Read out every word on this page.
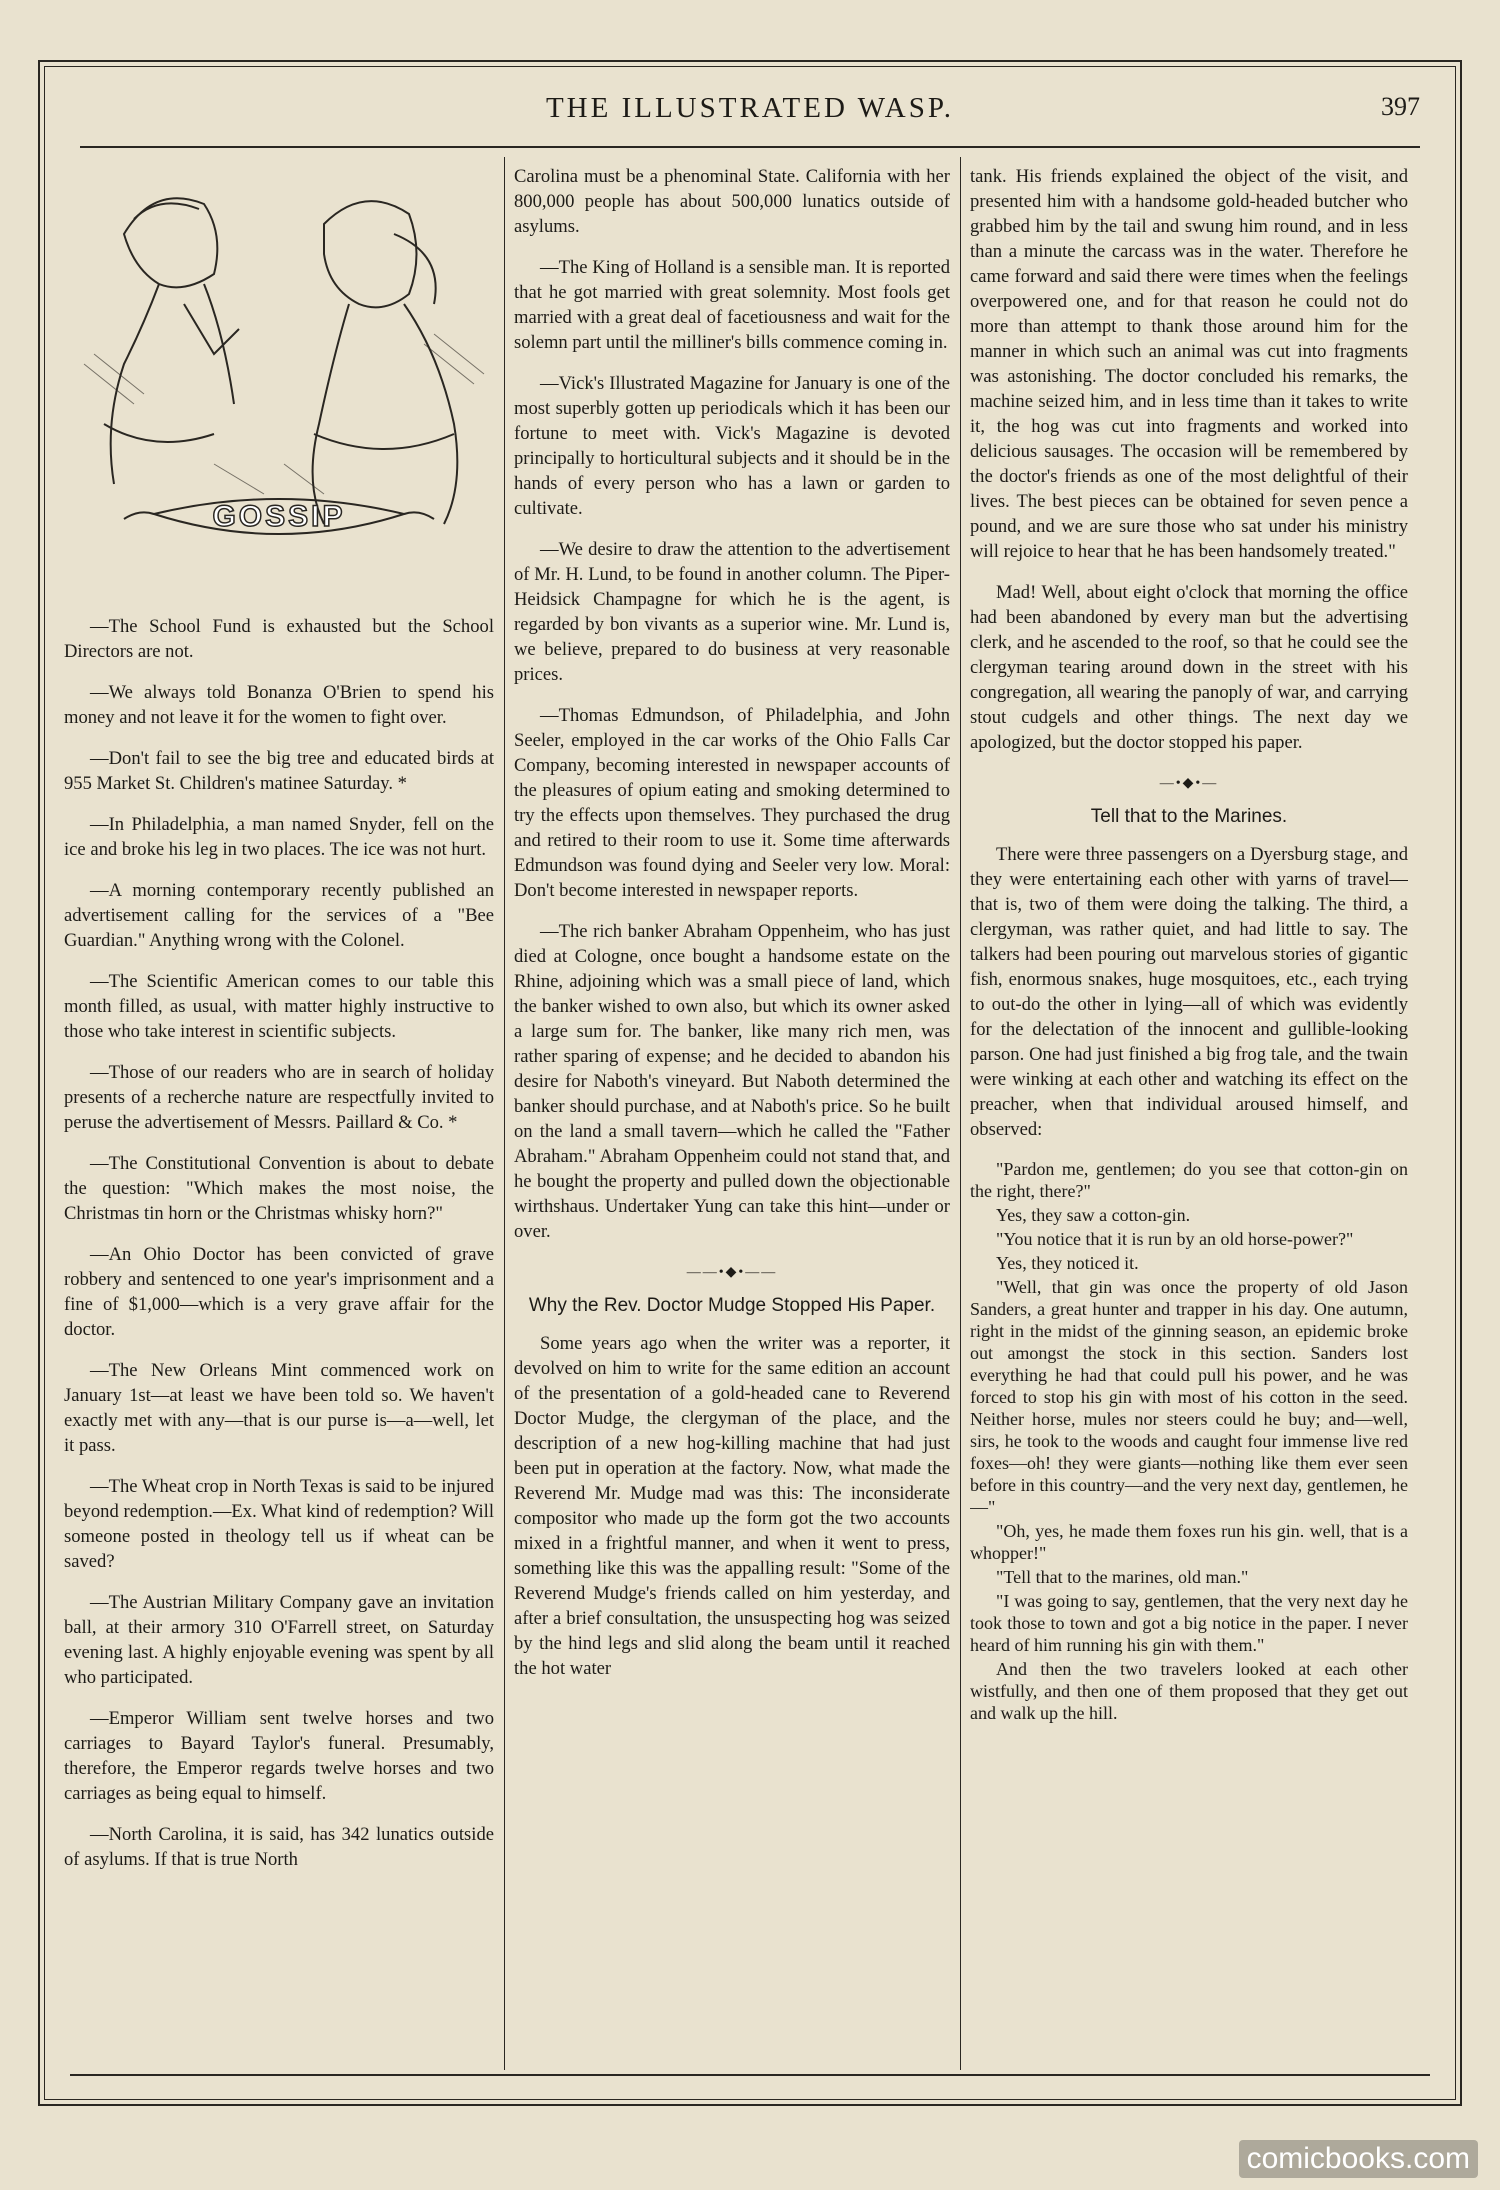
THE ILLUSTRATED WASP.	397
GOSSIP

—The School Fund is exhausted but the School Directors are not.

—We always told Bonanza O'Brien to spend his money and not leave it for the women to fight over.

—Don't fail to see the big tree and educated birds at 955 Market St. Children's matinee Saturday. *

—In Philadelphia, a man named Snyder, fell on the ice and broke his leg in two places. The ice was not hurt.

—A morning contemporary recently published an advertisement calling for the services of a "Bee Guardian." Anything wrong with the Colonel.

—The Scientific American comes to our table this month filled, as usual, with matter highly instructive to those who take interest in scientific subjects.

—Those of our readers who are in search of holiday presents of a recherche nature are respectfully invited to peruse the advertisement of Messrs. Paillard & Co. *

—The Constitutional Convention is about to debate the question: "Which makes the most noise, the Christmas tin horn or the Christmas whisky horn?"

—An Ohio Doctor has been convicted of grave robbery and sentenced to one year's imprisonment and a fine of $1,000—which is a very grave affair for the doctor.

—The New Orleans Mint commenced work on January 1st—at least we have been told so. We haven't exactly met with any—that is our purse is—a—well, let it pass.

—The Wheat crop in North Texas is said to be injured beyond redemption.—Ex. What kind of redemption? Will someone posted in theology tell us if wheat can be saved?

—The Austrian Military Company gave an invitation ball, at their armory 310 O'Farrell street, on Saturday evening last. A highly enjoyable evening was spent by all who participated.

—Emperor William sent twelve horses and two carriages to Bayard Taylor's funeral. Presumably, therefore, the Emperor regards twelve horses and two carriages as being equal to himself.

—North Carolina, it is said, has 342 lunatics outside of asylums. If that is true North

Carolina must be a phenominal State. California with her 800,000 people has about 500,000 lunatics outside of asylums.

—The King of Holland is a sensible man. It is reported that he got married with great solemnity. Most fools get married with a great deal of facetiousness and wait for the solemn part until the milliner's bills commence coming in.

—Vick's Illustrated Magazine for January is one of the most superbly gotten up periodicals which it has been our fortune to meet with. Vick's Magazine is devoted principally to horticultural subjects and it should be in the hands of every person who has a lawn or garden to cultivate.

—We desire to draw the attention to the advertisement of Mr. H. Lund, to be found in another column. The Piper-Heidsick Champagne for which he is the agent, is regarded by bon vivants as a superior wine. Mr. Lund is, we believe, prepared to do business at very reasonable prices.

—Thomas Edmundson, of Philadelphia, and John Seeler, employed in the car works of the Ohio Falls Car Company, becoming interested in newspaper accounts of the pleasures of opium eating and smoking determined to try the effects upon themselves. They purchased the drug and retired to their room to use it. Some time afterwards Edmundson was found dying and Seeler very low. Moral: Don't become interested in newspaper reports.

—The rich banker Abraham Oppenheim, who has just died at Cologne, once bought a handsome estate on the Rhine, adjoining which was a small piece of land, which the banker wished to own also, but which its owner asked a large sum for. The banker, like many rich men, was rather sparing of expense; and he decided to abandon his desire for Naboth's vineyard. But Naboth determined the banker should purchase, and at Naboth's price. So he built on the land a small tavern—which he called the "Father Abraham." Abraham Oppenheim could not stand that, and he bought the property and pulled down the objectionable wirthshaus. Undertaker Yung can take this hint—under or over.

——•◆•——
Why the Rev. Doctor Mudge Stopped His Paper.

Some years ago when the writer was a reporter, it devolved on him to write for the same edition an account of the presentation of a gold-headed cane to Reverend Doctor Mudge, the clergyman of the place, and the description of a new hog-killing machine that had just been put in operation at the factory. Now, what made the Reverend Mr. Mudge mad was this: The inconsiderate compositor who made up the form got the two accounts mixed in a frightful manner, and when it went to press, something like this was the appalling result: "Some of the Reverend Mudge's friends called on him yesterday, and after a brief consultation, the unsuspecting hog was seized by the hind legs and slid along the beam until it reached the hot water

tank. His friends explained the object of the visit, and presented him with a handsome gold-headed butcher who grabbed him by the tail and swung him round, and in less than a minute the carcass was in the water. Therefore he came forward and said there were times when the feelings overpowered one, and for that reason he could not do more than attempt to thank those around him for the manner in which such an animal was cut into fragments was astonishing. The doctor concluded his remarks, the machine seized him, and in less time than it takes to write it, the hog was cut into fragments and worked into delicious sausages. The occasion will be remembered by the doctor's friends as one of the most delightful of their lives. The best pieces can be obtained for seven pence a pound, and we are sure those who sat under his ministry will rejoice to hear that he has been handsomely treated."

Mad! Well, about eight o'clock that morning the office had been abandoned by every man but the advertising clerk, and he ascended to the roof, so that he could see the clergyman tearing around down in the street with his congregation, all wearing the panoply of war, and carrying stout cudgels and other things. The next day we apologized, but the doctor stopped his paper.

—•◆•—
Tell that to the Marines.

There were three passengers on a Dyersburg stage, and they were entertaining each other with yarns of travel—that is, two of them were doing the talking. The third, a clergyman, was rather quiet, and had little to say. The talkers had been pouring out marvelous stories of gigantic fish, enormous snakes, huge mosquitoes, etc., each trying to out-do the other in lying—all of which was evidently for the delectation of the innocent and gullible-looking parson. One had just finished a big frog tale, and the twain were winking at each other and watching its effect on the preacher, when that individual aroused himself, and observed:

"Pardon me, gentlemen; do you see that cotton-gin on the right, there?"

Yes, they saw a cotton-gin.

"You notice that it is run by an old horse-power?"

Yes, they noticed it.

"Well, that gin was once the property of old Jason Sanders, a great hunter and trapper in his day. One autumn, right in the midst of the ginning season, an epidemic broke out amongst the stock in this section. Sanders lost everything he had that could pull his power, and he was forced to stop his gin with most of his cotton in the seed. Neither horse, mules nor steers could he buy; and—well, sirs, he took to the woods and caught four immense live red foxes—oh! they were giants—nothing like them ever seen before in this country—and the very next day, gentlemen, he—"

"Oh, yes, he made them foxes run his gin. well, that is a whopper!"

"Tell that to the marines, old man."

"I was going to say, gentlemen, that the very next day he took those to town and got a big notice in the paper. I never heard of him running his gin with them."

And then the two travelers looked at each other wistfully, and then one of them proposed that they get out and walk up the hill.

comicbooks.com
